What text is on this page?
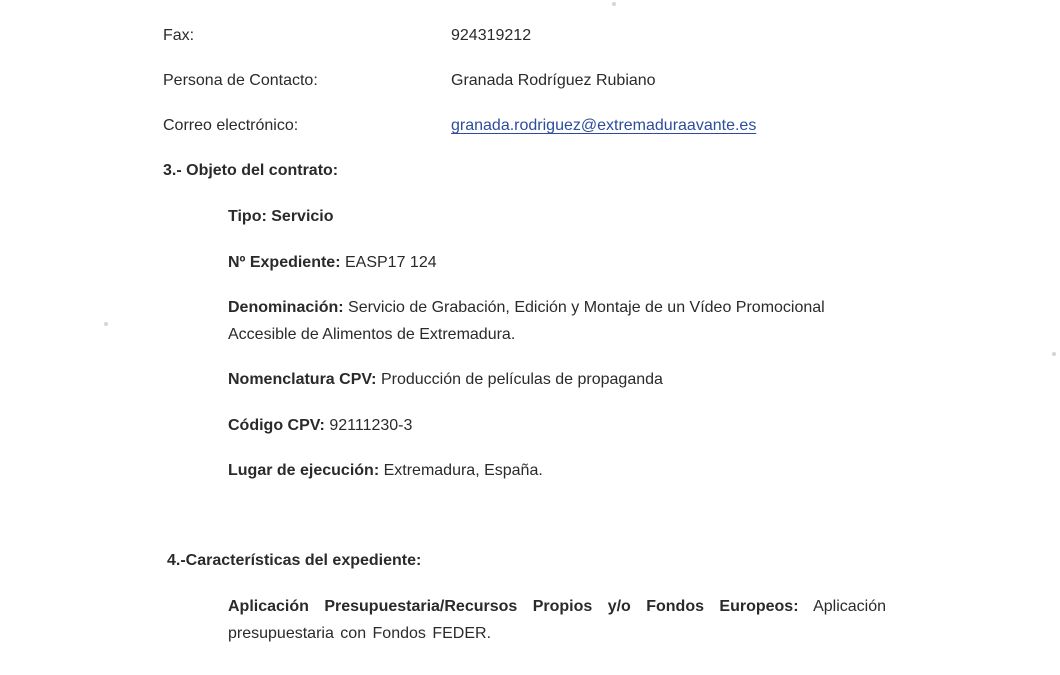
Fax:	924319212
Persona de Contacto:	Granada Rodríguez Rubiano
Correo electrónico:	granada.rodriguez@extremaduraavante.es
3.- Objeto del contrato:
Tipo: Servicio
Nº Expediente: EASP17 124
Denominación: Servicio de Grabación, Edición y Montaje de un Vídeo Promocional Accesible de Alimentos de Extremadura.
Nomenclatura CPV: Producción de películas de propaganda
Código CPV: 92111230-3
Lugar de ejecución: Extremadura, España.
4.-Características del expediente:
Aplicación Presupuestaria/Recursos Propios y/o Fondos Europeos: Aplicación presupuestaria con Fondos FEDER.
